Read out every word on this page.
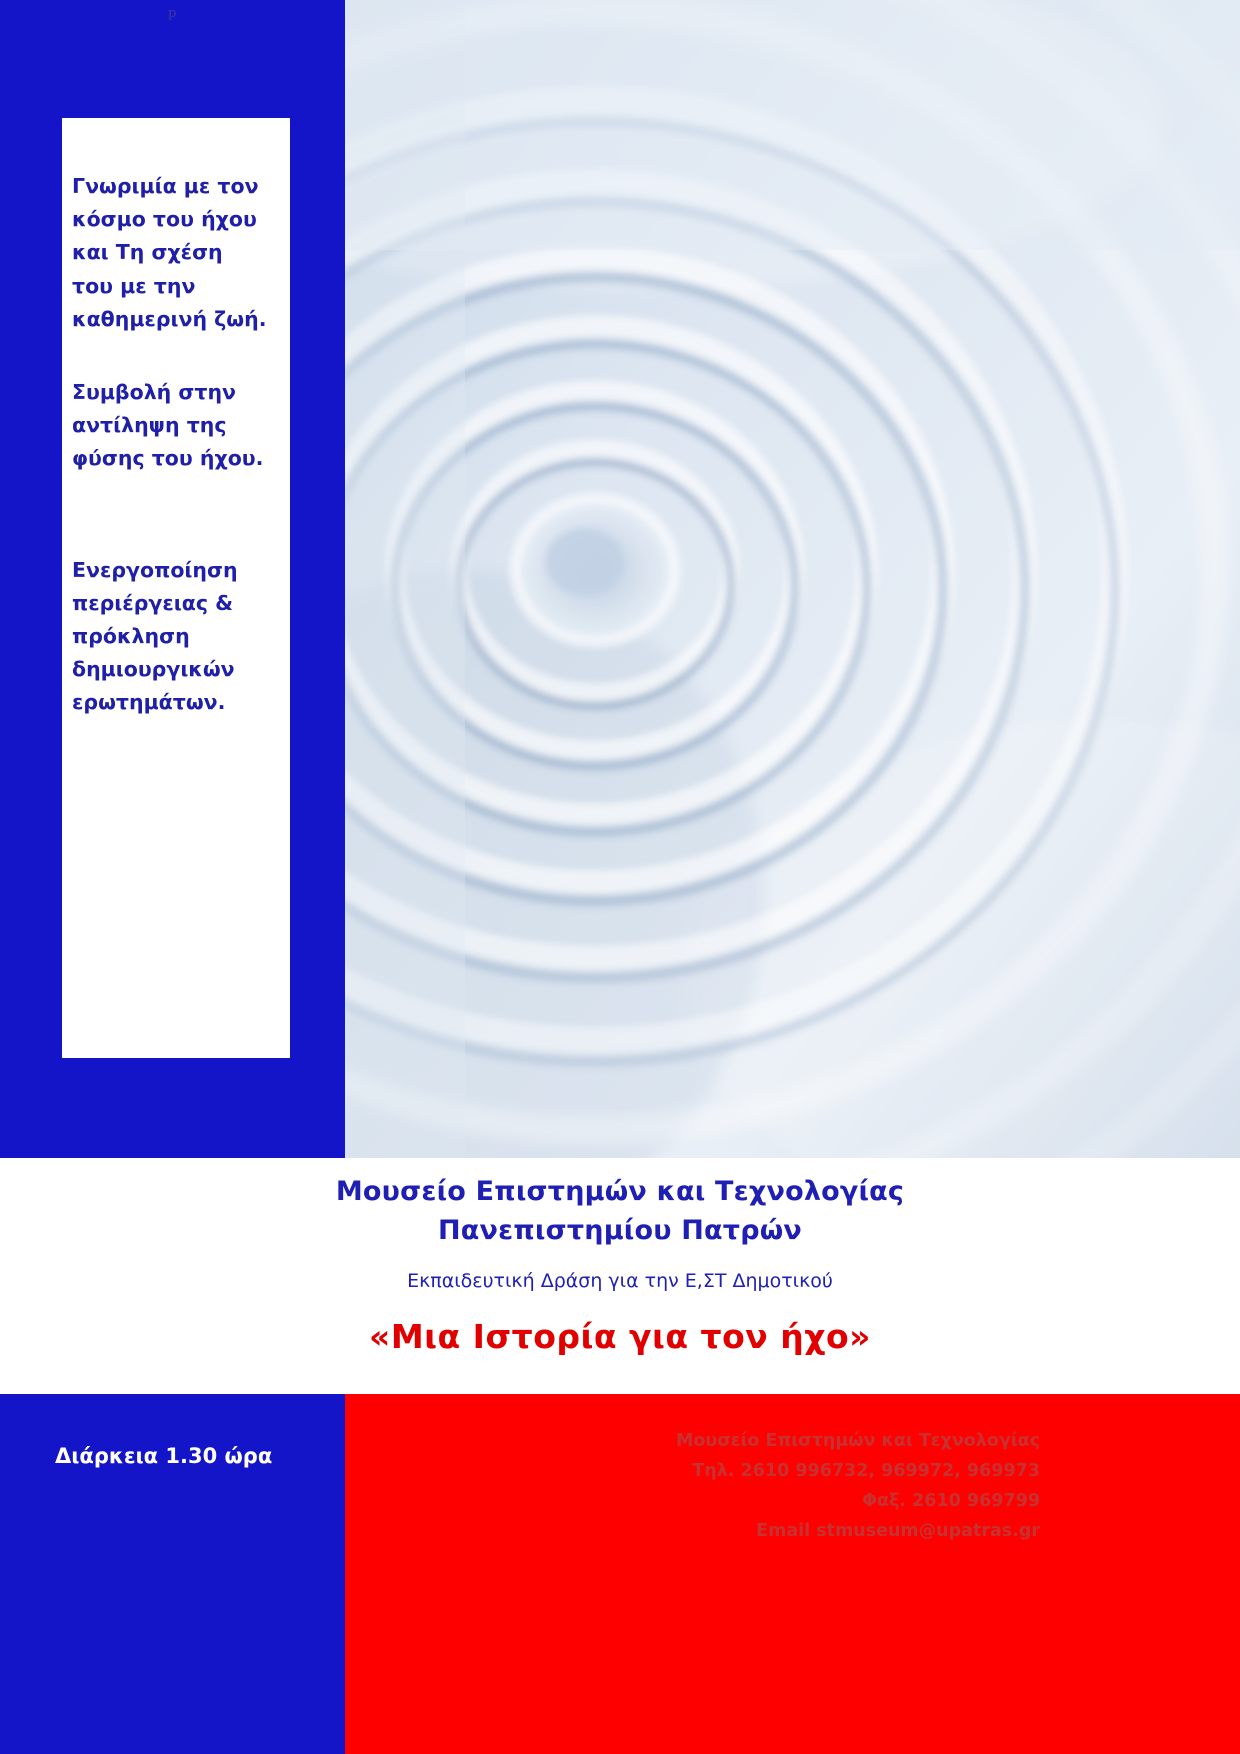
p

Γνωριμία με τον κόσμο του ήχου και Τη σχέση του με την καθημερινή ζωή.

Συμβολή στην αντίληψη της φύσης του ήχου.

Ενεργοποίηση περιέργειας & πρόκληση δημιουργικών ερωτημάτων.

Μουσείο Επιστημών και Τεχνολογίας

Πανεπιστημίου Πατρών

Εκπαιδευτική Δράση για την Ε,ΣΤ Δημοτικού

«Μια Ιστορία για τον ήχο»

Διάρκεια 1.30 ώρα
Μουσείο Επιστημών και Τεχνολογίας
Τηλ. 2610 996732, 969972, 969973
Φαξ. 2610 969799
Email stmuseum@upatras.gr
